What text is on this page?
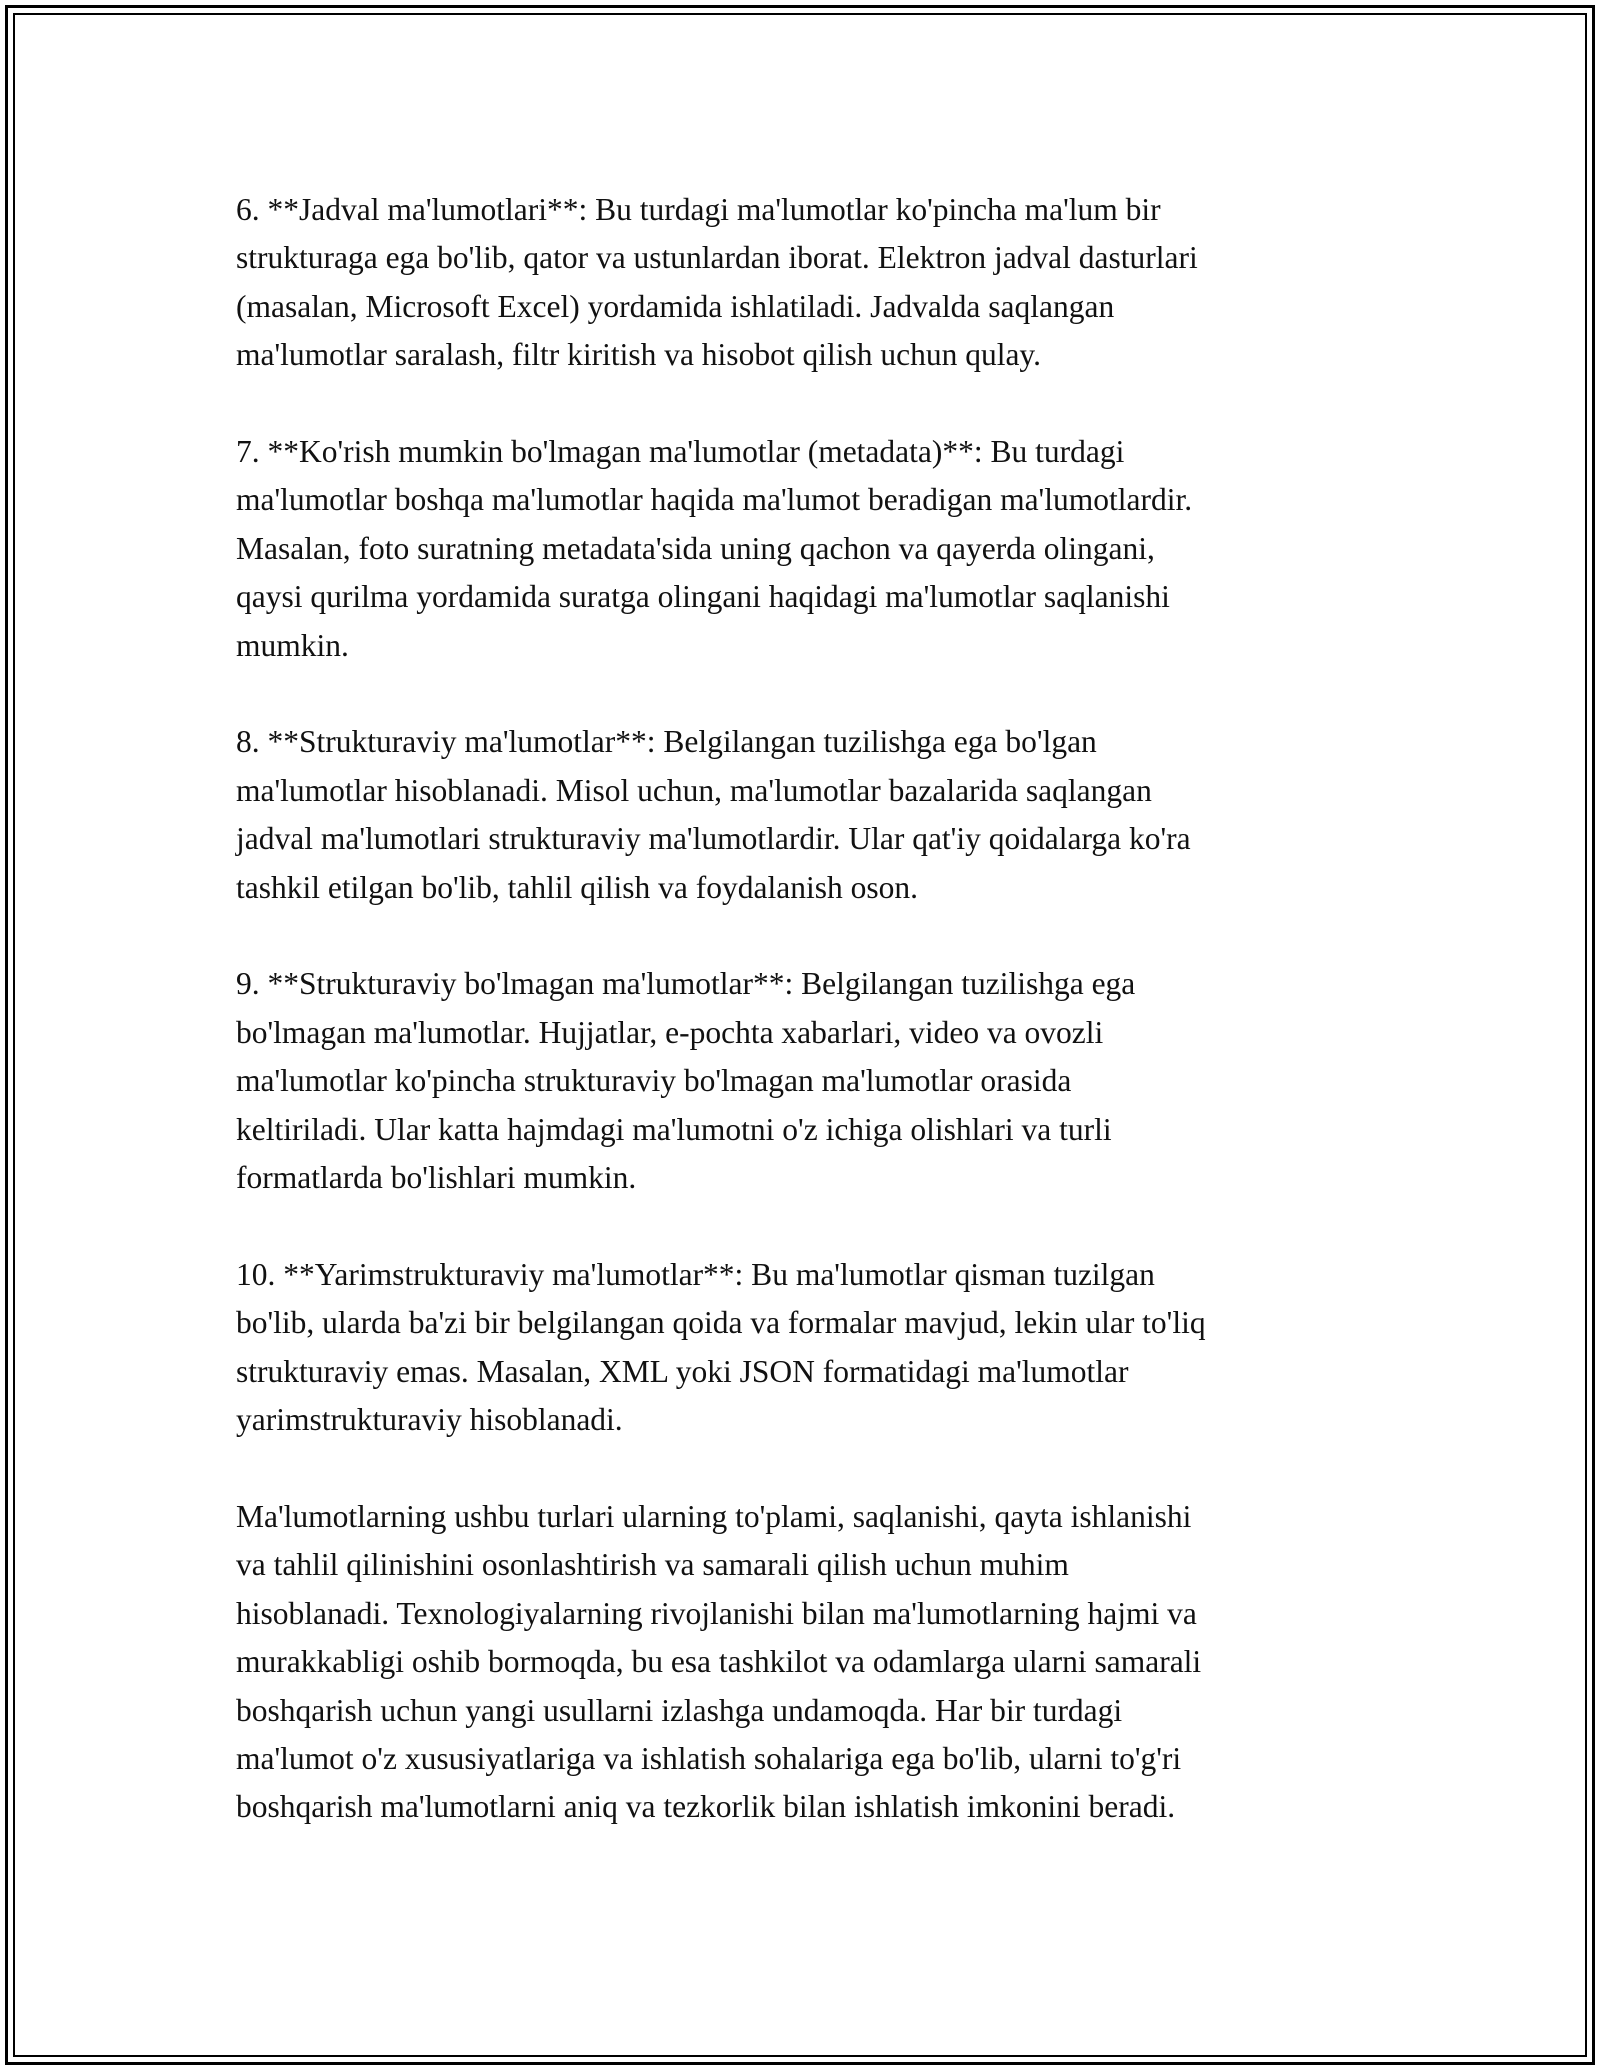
6. **Jadval ma'lumotlari**: Bu turdagi ma'lumotlar ko'pincha ma'lum bir
strukturaga ega bo'lib, qator va ustunlardan iborat. Elektron jadval dasturlari
(masalan, Microsoft Excel) yordamida ishlatiladi. Jadvalda saqlangan
ma'lumotlar saralash, filtr kiritish va hisobot qilish uchun qulay.

7. **Ko'rish mumkin bo'lmagan ma'lumotlar (metadata)**: Bu turdagi
ma'lumotlar boshqa ma'lumotlar haqida ma'lumot beradigan ma'lumotlardir.
Masalan, foto suratning metadata'sida uning qachon va qayerda olingani,
qaysi qurilma yordamida suratga olingani haqidagi ma'lumotlar saqlanishi
mumkin.

8. **Strukturaviy ma'lumotlar**: Belgilangan tuzilishga ega bo'lgan
ma'lumotlar hisoblanadi. Misol uchun, ma'lumotlar bazalarida saqlangan
jadval ma'lumotlari strukturaviy ma'lumotlardir. Ular qat'iy qoidalarga ko'ra
tashkil etilgan bo'lib, tahlil qilish va foydalanish oson.

9. **Strukturaviy bo'lmagan ma'lumotlar**: Belgilangan tuzilishga ega
bo'lmagan ma'lumotlar. Hujjatlar, e-pochta xabarlari, video va ovozli
ma'lumotlar ko'pincha strukturaviy bo'lmagan ma'lumotlar orasida
keltiriladi. Ular katta hajmdagi ma'lumotni o'z ichiga olishlari va turli
formatlarda bo'lishlari mumkin.

10. **Yarimstrukturaviy ma'lumotlar**: Bu ma'lumotlar qisman tuzilgan
bo'lib, ularda ba'zi bir belgilangan qoida va formalar mavjud, lekin ular to'liq
strukturaviy emas. Masalan, XML yoki JSON formatidagi ma'lumotlar
yarimstrukturaviy hisoblanadi.

Ma'lumotlarning ushbu turlari ularning to'plami, saqlanishi, qayta ishlanishi
va tahlil qilinishini osonlashtirish va samarali qilish uchun muhim
hisoblanadi. Texnologiyalarning rivojlanishi bilan ma'lumotlarning hajmi va
murakkabligi oshib bormoqda, bu esa tashkilot va odamlarga ularni samarali
boshqarish uchun yangi usullarni izlashga undamoqda. Har bir turdagi
ma'lumot o'z xususiyatlariga va ishlatish sohalariga ega bo'lib, ularni to'g'ri
boshqarish ma'lumotlarni aniq va tezkorlik bilan ishlatish imkonini beradi.
